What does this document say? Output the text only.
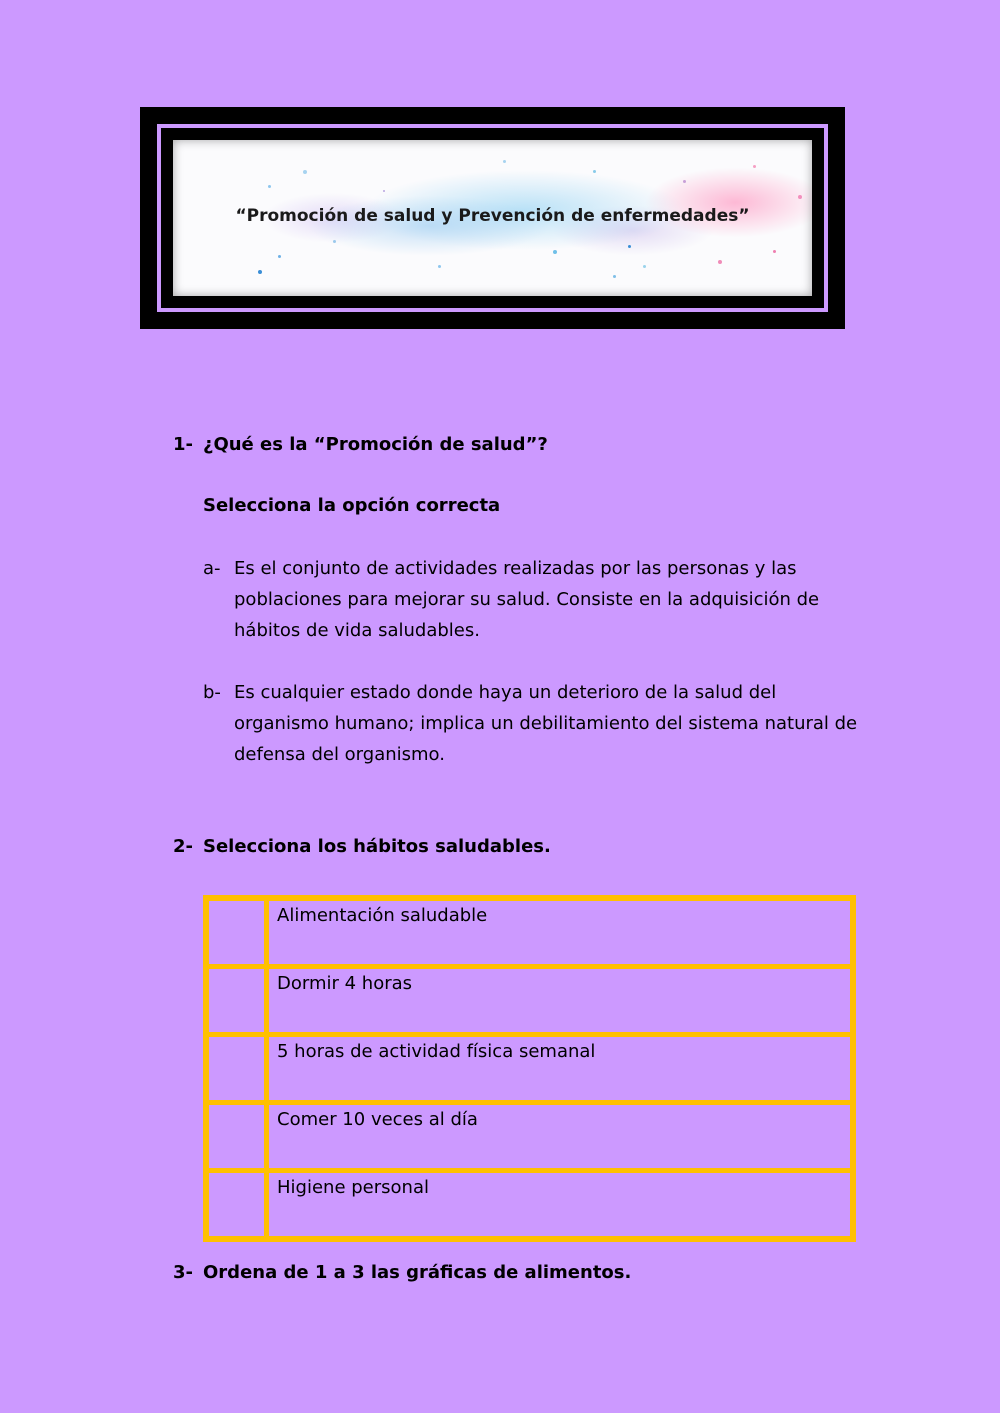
“Promoción de salud y Prevención de enfermedades”
1- ¿Qué es la “Promoción de salud”?
Selecciona la opción correcta
a- Es el conjunto de actividades realizadas por las personas y las poblaciones para mejorar su salud. Consiste en la adquisición de hábitos de vida saludables.
b- Es cualquier estado donde haya un deterioro de la salud del organismo humano; implica un debilitamiento del sistema natural de defensa del organismo.
2- Selecciona los hábitos saludables.
	Alimentación saludable
	Dormir 4 horas
	5 horas de actividad física semanal
	Comer 10 veces al día
	Higiene personal
3- Ordena de 1 a 3 las gráficas de alimentos.
